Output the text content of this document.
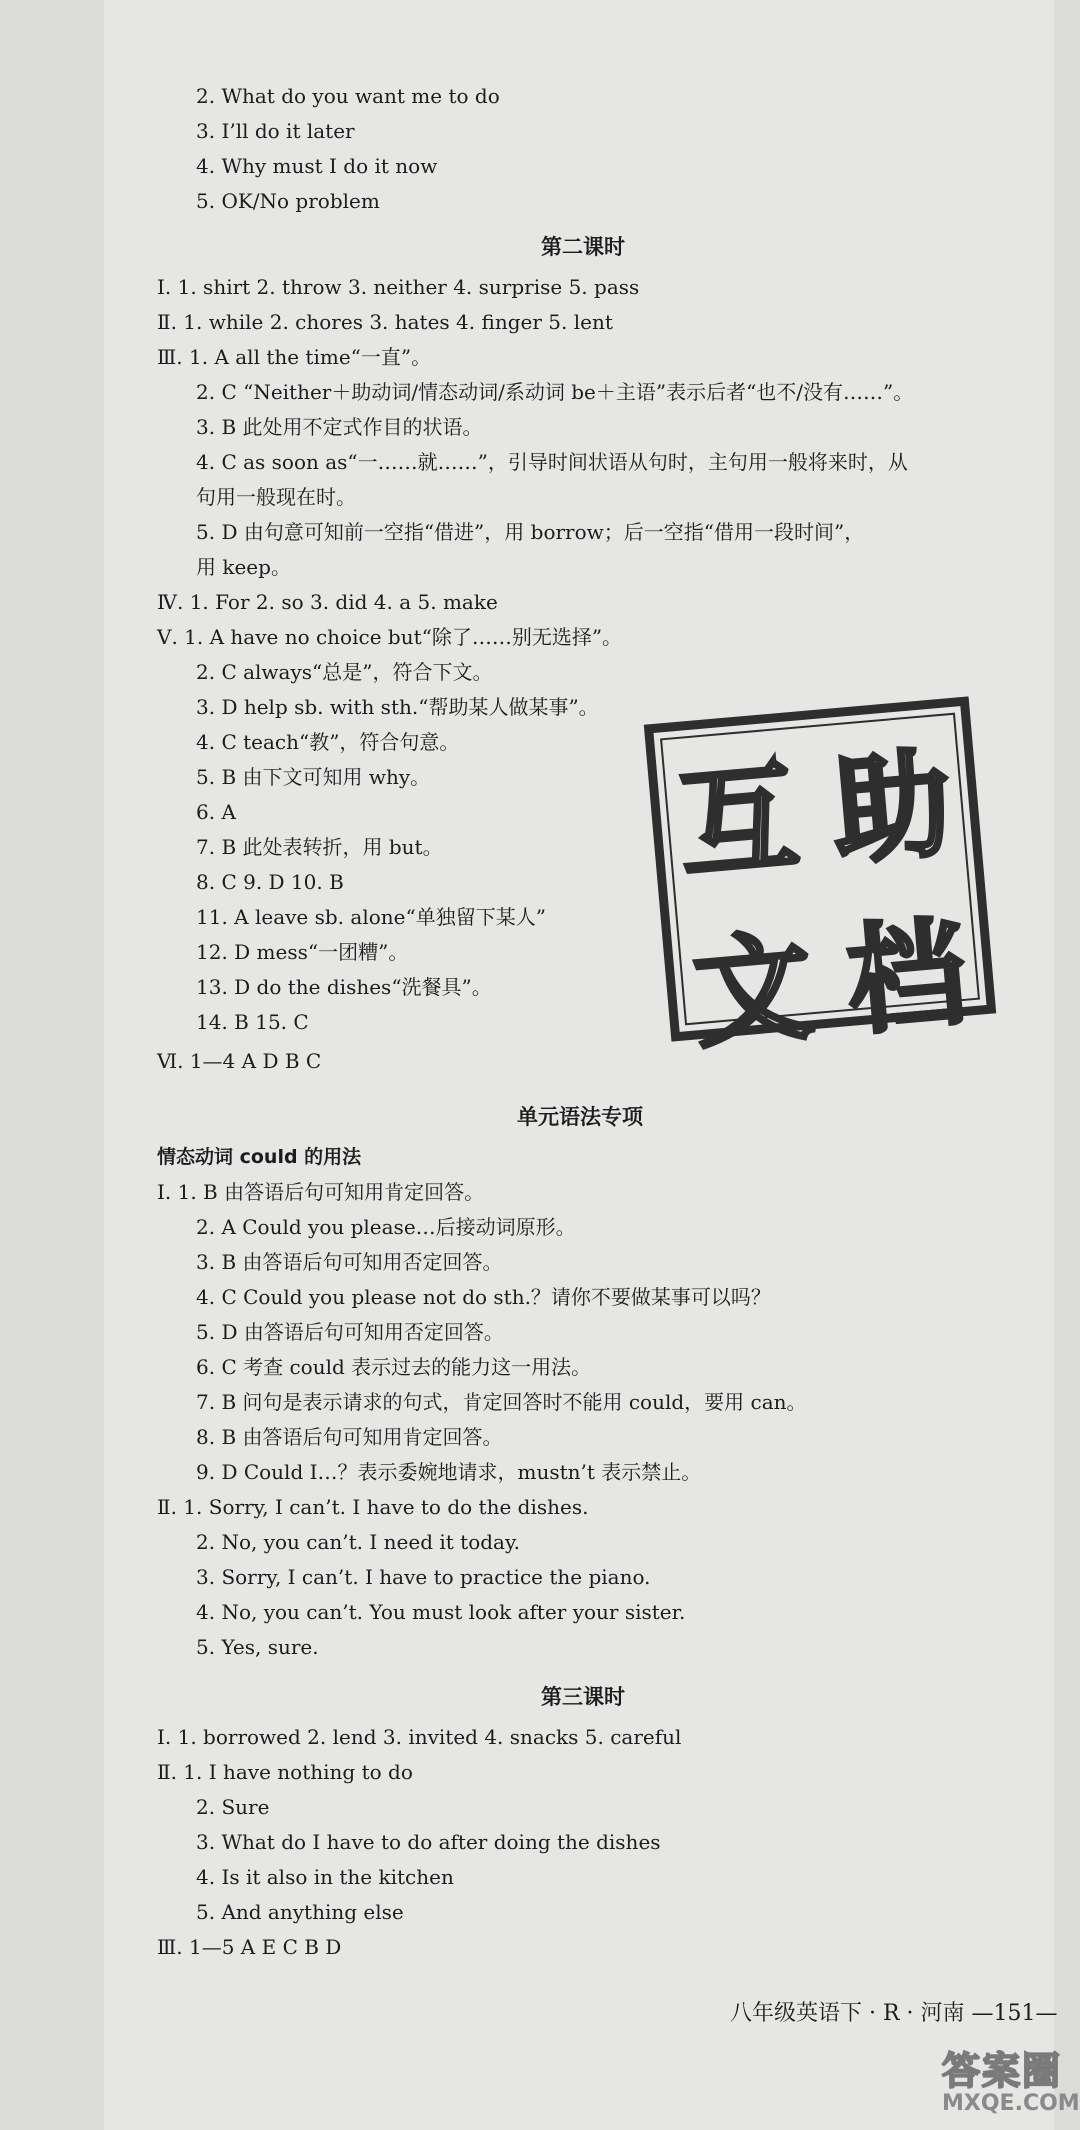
2. What do you want me to do
3. I’ll do it later
4. Why must I do it now
5. OK/No problem
第二课时
Ⅰ. 1. shirt 2. throw 3. neither 4. surprise 5. pass
Ⅱ. 1. while 2. chores 3. hates 4. finger 5. lent
Ⅲ. 1. A all the time“一直”。
2. C “Neither＋助动词/情态动词/系动词 be＋主语”表示后者“也不/没有……”。
3. B 此处用不定式作目的状语。
4. C as soon as“一……就……”，引导时间状语从句时，主句用一般将来时，从
句用一般现在时。
5. D 由句意可知前一空指“借进”，用 borrow；后一空指“借用一段时间”，
用 keep。
Ⅳ. 1. For 2. so 3. did 4. a 5. make
Ⅴ. 1. A have no choice but“除了……别无选择”。
2. C always“总是”，符合下文。
3. D help sb. with sth.“帮助某人做某事”。
4. C teach“教”，符合句意。
5. B 由下文可知用 why。
6. A
7. B 此处表转折，用 but。
8. C 9. D 10. B
11. A leave sb. alone“单独留下某人”
12. D mess“一团糟”。
13. D do the dishes“洗餐具”。
14. B 15. C
Ⅵ. 1—4 A D B C
单元语法专项
情态动词 could 的用法
Ⅰ. 1. B 由答语后句可知用肯定回答。
2. A Could you please…后接动词原形。
3. B 由答语后句可知用否定回答。
4. C Could you please not do sth.？请你不要做某事可以吗？
5. D 由答语后句可知用否定回答。
6. C 考查 could 表示过去的能力这一用法。
7. B 问句是表示请求的句式，肯定回答时不能用 could，要用 can。
8. B 由答语后句可知用肯定回答。
9. D Could I…？表示委婉地请求，mustn’t 表示禁止。
Ⅱ. 1. Sorry, I can’t. I have to do the dishes.
2. No, you can’t. I need it today.
3. Sorry, I can’t. I have to practice the piano.
4. No, you can’t. You must look after your sister.
5. Yes, sure.
第三课时
Ⅰ. 1. borrowed 2. lend 3. invited 4. snacks 5. careful
Ⅱ. 1. I have nothing to do
2. Sure
3. What do I have to do after doing the dishes
4. Is it also in the kitchen
5. And anything else
Ⅲ. 1—5 A E C B D
八年级英语下 · R · 河南 —151—
互 助
文 档
答案圈
MXQE.COM
